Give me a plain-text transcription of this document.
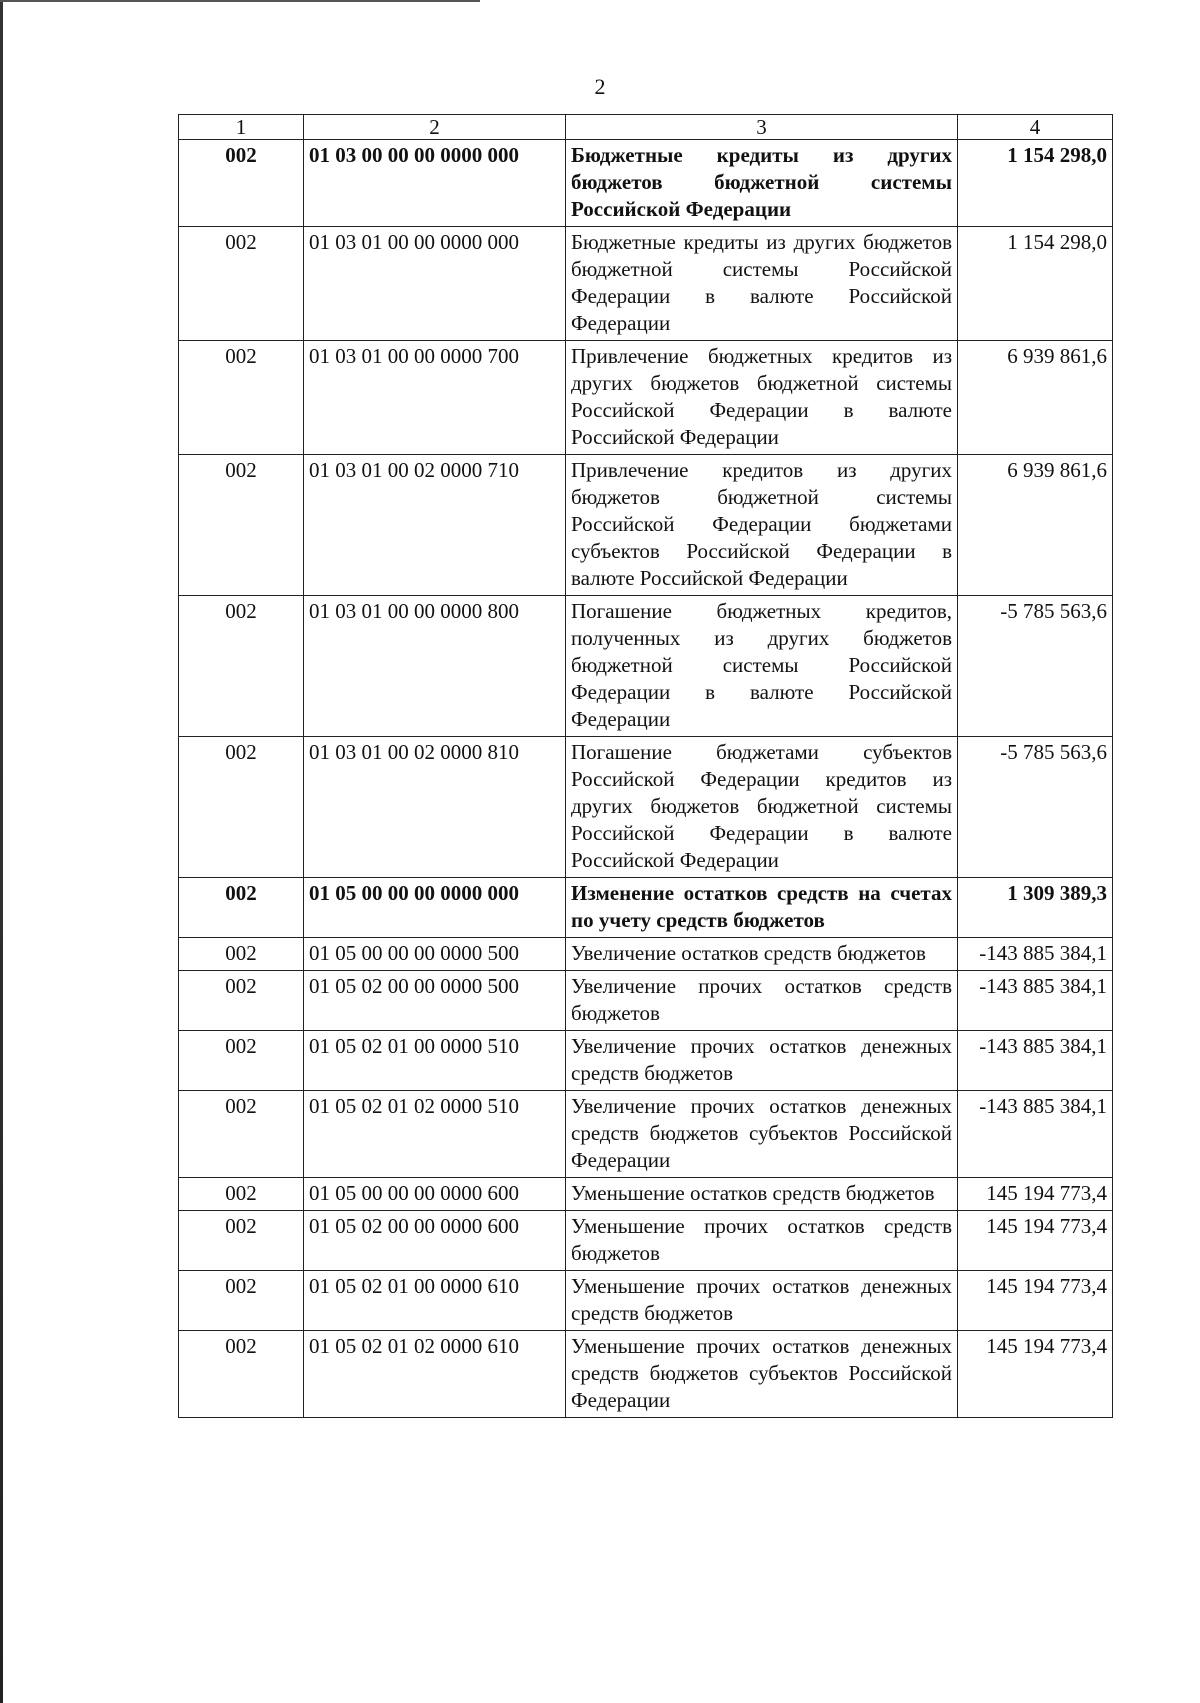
2
1	2	3	4
002	01 03 00 00 00 0000 000	Бюджетные кредиты из других бюджетов бюджетной системы Российской Федерации	1 154 298,0
002	01 03 01 00 00 0000 000	Бюджетные кредиты из других бюджетов бюджетной системы Российской Федерации в валюте Российской Федерации	1 154 298,0
002	01 03 01 00 00 0000 700	Привлечение бюджетных кредитов из других бюджетов бюджетной системы Российской Федерации в валюте Российской Федерации	6 939 861,6
002	01 03 01 00 02 0000 710	Привлечение кредитов из других бюджетов бюджетной системы Российской Федерации бюджетами субъектов Российской Федерации в валюте Российской Федерации	6 939 861,6
002	01 03 01 00 00 0000 800	Погашение бюджетных кредитов, полученных из других бюджетов бюджетной системы Российской Федерации в валюте Российской Федерации	-5 785 563,6
002	01 03 01 00 02 0000 810	Погашение бюджетами субъектов Российской Федерации кредитов из других бюджетов бюджетной системы Российской Федерации в валюте Российской Федерации	-5 785 563,6
002	01 05 00 00 00 0000 000	Изменение остатков средств на счетах по учету средств бюджетов	1 309 389,3
002	01 05 00 00 00 0000 500	Увеличение остатков средств бюджетов	-143 885 384,1
002	01 05 02 00 00 0000 500	Увеличение прочих остатков средств бюджетов	-143 885 384,1
002	01 05 02 01 00 0000 510	Увеличение прочих остатков денежных средств бюджетов	-143 885 384,1
002	01 05 02 01 02 0000 510	Увеличение прочих остатков денежных средств бюджетов субъектов Российской Федерации	-143 885 384,1
002	01 05 00 00 00 0000 600	Уменьшение остатков средств бюджетов	145 194 773,4
002	01 05 02 00 00 0000 600	Уменьшение прочих остатков средств бюджетов	145 194 773,4
002	01 05 02 01 00 0000 610	Уменьшение прочих остатков денежных средств бюджетов	145 194 773,4
002	01 05 02 01 02 0000 610	Уменьшение прочих остатков денежных средств бюджетов субъектов Российской Федерации	145 194 773,4
